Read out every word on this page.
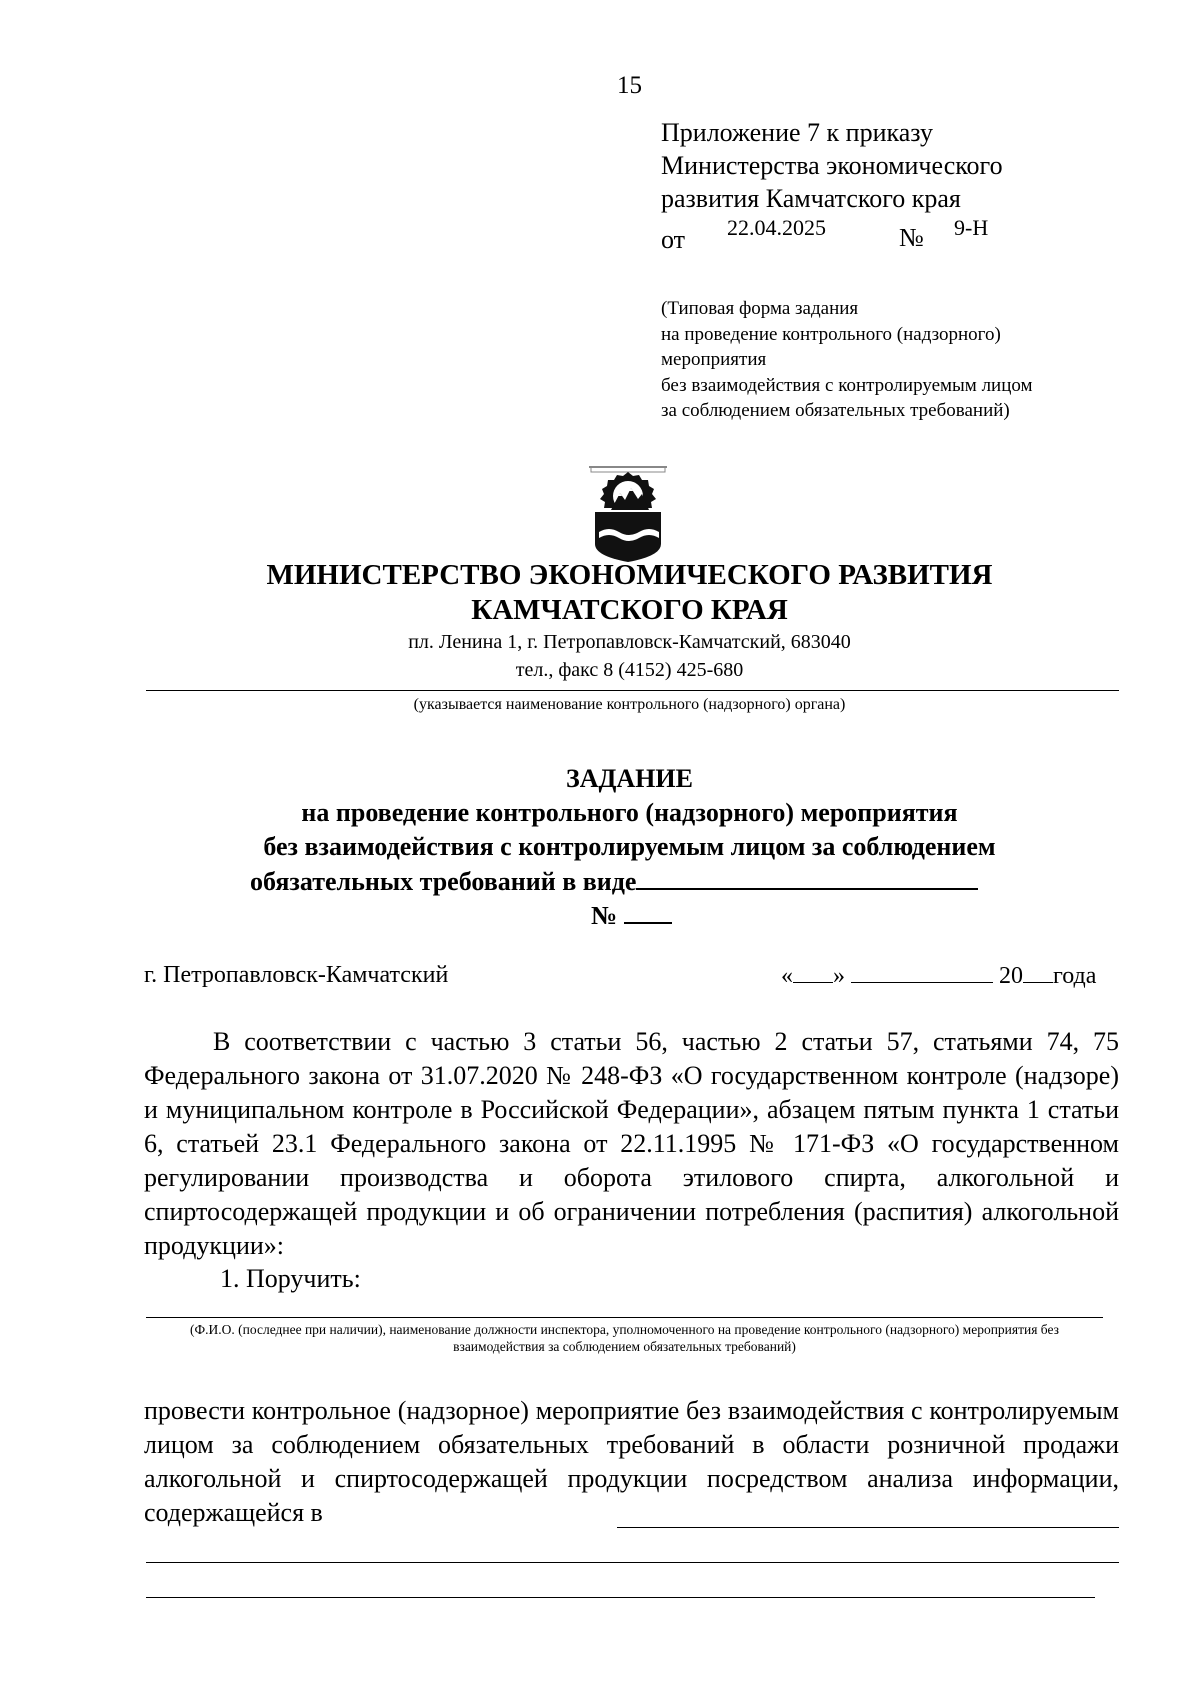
15
Приложение 7 к приказу
Министерства экономического
развития Камчатского края
от 22.04.2025	№ 9-Н
(Типовая форма задания
на проведение контрольного (надзорного)
мероприятия
без взаимодействия с контролируемым лицом
за соблюдением обязательных требований)
МИНИСТЕРСТВО ЭКОНОМИЧЕСКОГО РАЗВИТИЯ
КАМЧАТСКОГО КРАЯ
пл. Ленина 1, г. Петропавловск-Камчатский, 683040
тел., факс 8 (4152) 425-680
(указывается наименование контрольного (надзорного) органа)
ЗАДАНИЕ
на проведение контрольного (надзорного) мероприятия
без взаимодействия с контролируемым лицом за соблюдением
обязательных требований в виде
№
г. Петропавловск-Камчатский	« »	20 года
В соответствии с частью 3 статьи 56, частью 2 статьи 57, статьями 74, 75 Федерального закона от 31.07.2020 № 248-ФЗ «О государственном контроле (надзоре) и муниципальном контроле в Российской Федерации», абзацем пятым пункта 1 статьи 6, статьей 23.1 Федерального закона от 22.11.1995 № 171-ФЗ «О государственном регулировании производства и оборота этилового спирта, алкогольной и спиртосодержащей продукции и об ограничении потребления (распития) алкогольной продукции»:
1. Поручить:
(Ф.И.О. (последнее при наличии), наименование должности инспектора, уполномоченного на проведение контрольного (надзорного) мероприятия без взаимодействия за соблюдением обязательных требований)
провести контрольное (надзорное) мероприятие без взаимодействия с контролируемым лицом за соблюдением обязательных требований в области розничной продажи алкогольной и спиртосодержащей продукции посредством анализа информации, содержащейся в
